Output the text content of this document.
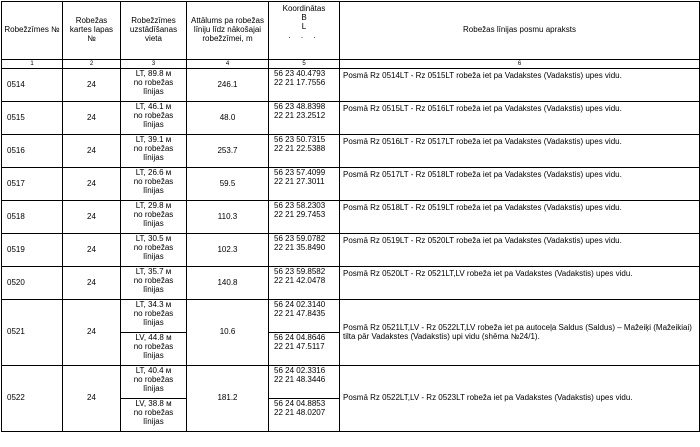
Robežzīmes №	Robežas kartes lapas №	Robežzīmes uzstādīšanas vieta	Attālums pa robežas līniju līdz nākošajai robežzīmei, m	Koordinātas
B
L
. . .	Robežas līnijas posmu apraksts
1	2	3	4	5	6
0514	24	LT, 89.8 м
no robežas
līnijas	246.1	56 23 40.4793
22 21 17.7556	Posmā Rz 0514LT - Rz 0515LT robeža iet pa Vadakstes (Vadakstis) upes vidu.
0515	24	LT, 46.1 м
no robežas
līnijas	48.0	56 23 48.8398
22 21 23.2512	Posmā Rz 0515LT - Rz 0516LT robeža iet pa Vadakstes (Vadakstis) upes vidu.
0516	24	LT, 39.1 м
no robežas
līnijas	253.7	56 23 50.7315
22 21 22.5388	Posmā Rz 0516LT - Rz 0517LT robeža iet pa Vadakstes (Vadakstis) upes vidu.
0517	24	LT, 26.6 м
no robežas
līnijas	59.5	56 23 57.4099
22 21 27.3011	Posmā Rz 0517LT - Rz 0518LT robeža iet pa Vadakstes (Vadakstis) upes vidu.
0518	24	LT, 29.8 м
no robežas
līnijas	110.3	56 23 58.2303
22 21 29.7453	Posmā Rz 0518LT - Rz 0519LT robeža iet pa Vadakstes (Vadakstis) upes vidu.
0519	24	LT, 30.5 м
no robežas
līnijas	102.3	56 23 59.0782
22 21 35.8490	Posmā Rz 0519LT - Rz 0520LT robeža iet pa Vadakstes (Vadakstis) upes vidu.
0520	24	LT, 35.7 м
no robežas
līnijas	140.8	56 23 59.8582
22 21 42.0478	Posmā Rz 0520LT - Rz 0521LT,LV robeža iet pa Vadakstes (Vadakstis) upes vidu.
0521	24	LT, 34.3 м
no robežas
līnijas	10.6	56 24 02.3140
22 21 47.8435	Posmā Rz 0521LT,LV - Rz 0522LT,LV robeža iet pa autoceļa Saldus (Saldus) – Mažeiķi (Mažeikiai) tilta pār Vadakstes (Vadakstis) upi vidu (shēma №24/1).

		LV, 44.8 м
no robežas
līnijas		56 24 04.8646
22 21 47.5117	

0522	24	LT, 40.4 м
no robežas
līnijas	181.2	56 24 02.3316
22 21 48.3446	Posmā Rz 0522LT,LV - Rz 0523LT robeža iet pa Vadakstes (Vadakstis) upes vidu.

		LV, 38.8 м
no robežas
līnijas		56 24 04.8853
22 21 48.0207	
